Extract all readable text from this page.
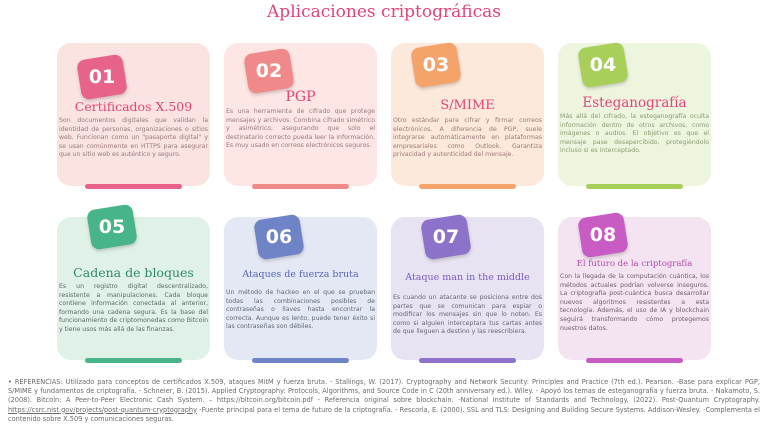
Aplicaciones criptográficas
01
Certificados X.509
Son documentos digitales que validan la identidad de personas, organizaciones o sitios web. Funcionan como un "pasaporte digital" y se usan comúnmente en HTTPS para asegurar que un sitio web es auténtico y seguro.
02
PGP
Es una herramienta de cifrado que protege mensajes y archivos. Combina cifrado simétrico y asimétrico, asegurando que solo el destinatario correcto pueda leer la información. Es muy usado en correos electrónicos seguros.
03
S/MIME
Otro estándar para cifrar y firmar correos electrónicos. A diferencia de PGP, suele integrarse automáticamente en plataformas empresariales como Outlook. Garantiza privacidad y autenticidad del mensaje.
04
Esteganografía
Más allá del cifrado, la esteganografía oculta información dentro de otros archivos, como imágenes o audios. El objetivo es que el mensaje pase desapercibido, protegiéndolo incluso si es interceptado.
05
Cadena de bloques
Es un registro digital descentralizado, resistente a manipulaciones. Cada bloque contiene información conectada al anterior, formando una cadena segura. Es la base del funcionamiento de criptomonedas como Bitcoin y tiene usos más allá de las finanzas.
06
Ataques de fuerza bruta
Un método de hackeo en el que se prueban todas las combinaciones posibles de contraseñas o llaves hasta encontrar la correcta. Aunque es lento, puede tener éxito si las contraseñas son débiles.
07
Ataque man in the middle
Es cuando un atacante se posiciona entre dos partes que se comunican para espiar o modificar los mensajes sin que lo noten. Es como si alguien interceptara tus cartas antes de que lleguen a destino y las reescribiera.
08
El futuro de la criptografía
Con la llegada de la computación cuántica, los métodos actuales podrían volverse inseguros. La criptografía post-cuántica busca desarrollar nuevos algoritmos resistentes a esta tecnología. Además, el uso de IA y blockchain seguirá transformando cómo protegemos nuestros datos.
• REFERENCIAS: Utilizado para conceptos de certificados X.509, ataques MitM y fuerza bruta. - Stallings, W. (2017). Cryptography and Network Security: Principles and Practice (7th ed.). Pearson. -Base para explicar PGP, S/MIME y fundamentos de criptografía. - Schneier, B. (2015). Applied Cryptography: Protocols, Algorithms, and Source Code in C (20th anniversary ed.). Wiley. - Apoyó los temas de esteganografía y fuerza bruta. - Nakamoto, S. (2008). Bitcoin: A Peer-to-Peer Electronic Cash System. – https://bitcoin.org/bitcoin.pdf - Referencia original sobre blockchain. -National Institute of Standards and Technology. (2022). Post-Quantum Cryptography. https://csrc.nist.gov/projects/post-quantum-cryptography -Fuente principal para el tema de futuro de la criptografía. - Rescorla, E. (2000). SSL and TLS: Designing and Building Secure Systems. Addison-Wesley. -Complementa el contenido sobre X.509 y comunicaciones seguras.
